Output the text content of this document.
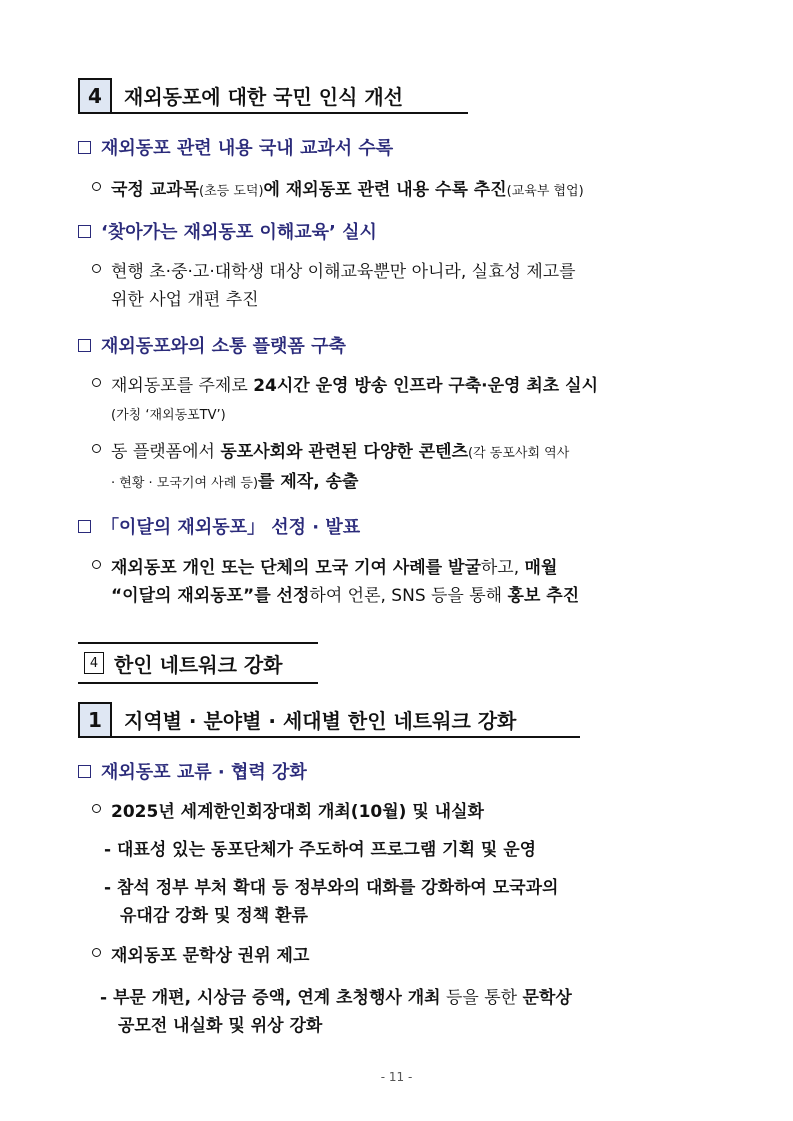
4	재외동포에 대한 국민 인식 개선
재외동포 관련 내용 국내 교과서 수록
국정 교과목(초등 도덕)에 재외동포 관련 내용 수록 추진(교육부 협업)
‘찾아가는 재외동포 이해교육’ 실시
현행 초·중·고·대학생 대상 이해교육뿐만 아니라, 실효성 제고를
위한 사업 개편 추진
재외동포와의 소통 플랫폼 구축
재외동포를 주제로 24시간 운영 방송 인프라 구축·운영 최초 실시
(가칭 ‘재외동포TV’)
동 플랫폼에서 동포사회와 관련된 다양한 콘텐츠(각 동포사회 역사
· 현황 · 모국기여 사례 등)를 제작, 송출
「이달의 재외동포」 선정 · 발표
재외동포 개인 또는 단체의 모국 기여 사례를 발굴하고, 매월
“이달의 재외동포”를 선정하여 언론, SNS 등을 통해 홍보 추진
4 한인 네트워크 강화
1	지역별 · 분야별 · 세대별 한인 네트워크 강화
재외동포 교류 · 협력 강화
2025년 세계한인회장대회 개최(10월) 및 내실화
- 대표성 있는 동포단체가 주도하여 프로그램 기획 및 운영
- 참석 정부 부처 확대 등 정부와의 대화를 강화하여 모국과의
유대감 강화 및 정책 환류
재외동포 문학상 권위 제고
- 부문 개편, 시상금 증액, 연계 초청행사 개최 등을 통한 문학상
공모전 내실화 및 위상 강화
- 11 -
